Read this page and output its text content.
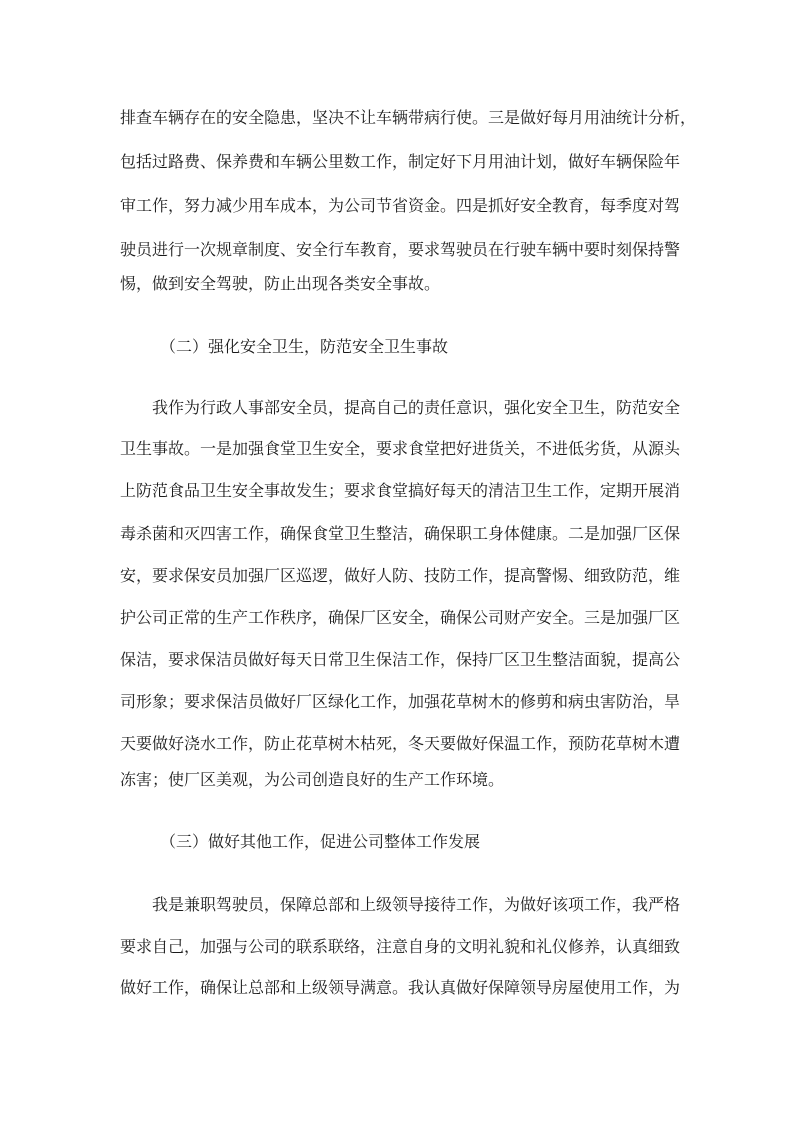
排查车辆存在的安全隐患，坚决不让车辆带病行使。三是做好每月用油统计分析，

包括过路费、保养费和车辆公里数工作，制定好下月用油计划，做好车辆保险年

审工作，努力减少用车成本，为公司节省资金。四是抓好安全教育，每季度对驾

驶员进行一次规章制度、安全行车教育，要求驾驶员在行驶车辆中要时刻保持警

惕，做到安全驾驶，防止出现各类安全事故。

（二）强化安全卫生，防范安全卫生事故

我作为行政人事部安全员，提高自己的责任意识，强化安全卫生，防范安全

卫生事故。一是加强食堂卫生安全，要求食堂把好进货关，不进低劣货，从源头

上防范食品卫生安全事故发生；要求食堂搞好每天的清洁卫生工作，定期开展消

毒杀菌和灭四害工作，确保食堂卫生整洁，确保职工身体健康。二是加强厂区保

安，要求保安员加强厂区巡逻，做好人防、技防工作，提高警惕、细致防范，维

护公司正常的生产工作秩序，确保厂区安全，确保公司财产安全。三是加强厂区

保洁，要求保洁员做好每天日常卫生保洁工作，保持厂区卫生整洁面貌，提高公

司形象；要求保洁员做好厂区绿化工作，加强花草树木的修剪和病虫害防治，旱

天要做好浇水工作，防止花草树木枯死，冬天要做好保温工作，预防花草树木遭

冻害；使厂区美观，为公司创造良好的生产工作环境。

（三）做好其他工作，促进公司整体工作发展

我是兼职驾驶员，保障总部和上级领导接待工作，为做好该项工作，我严格

要求自己，加强与公司的联系联络，注意自身的文明礼貌和礼仪修养，认真细致

做好工作，确保让总部和上级领导满意。我认真做好保障领导房屋使用工作，为
